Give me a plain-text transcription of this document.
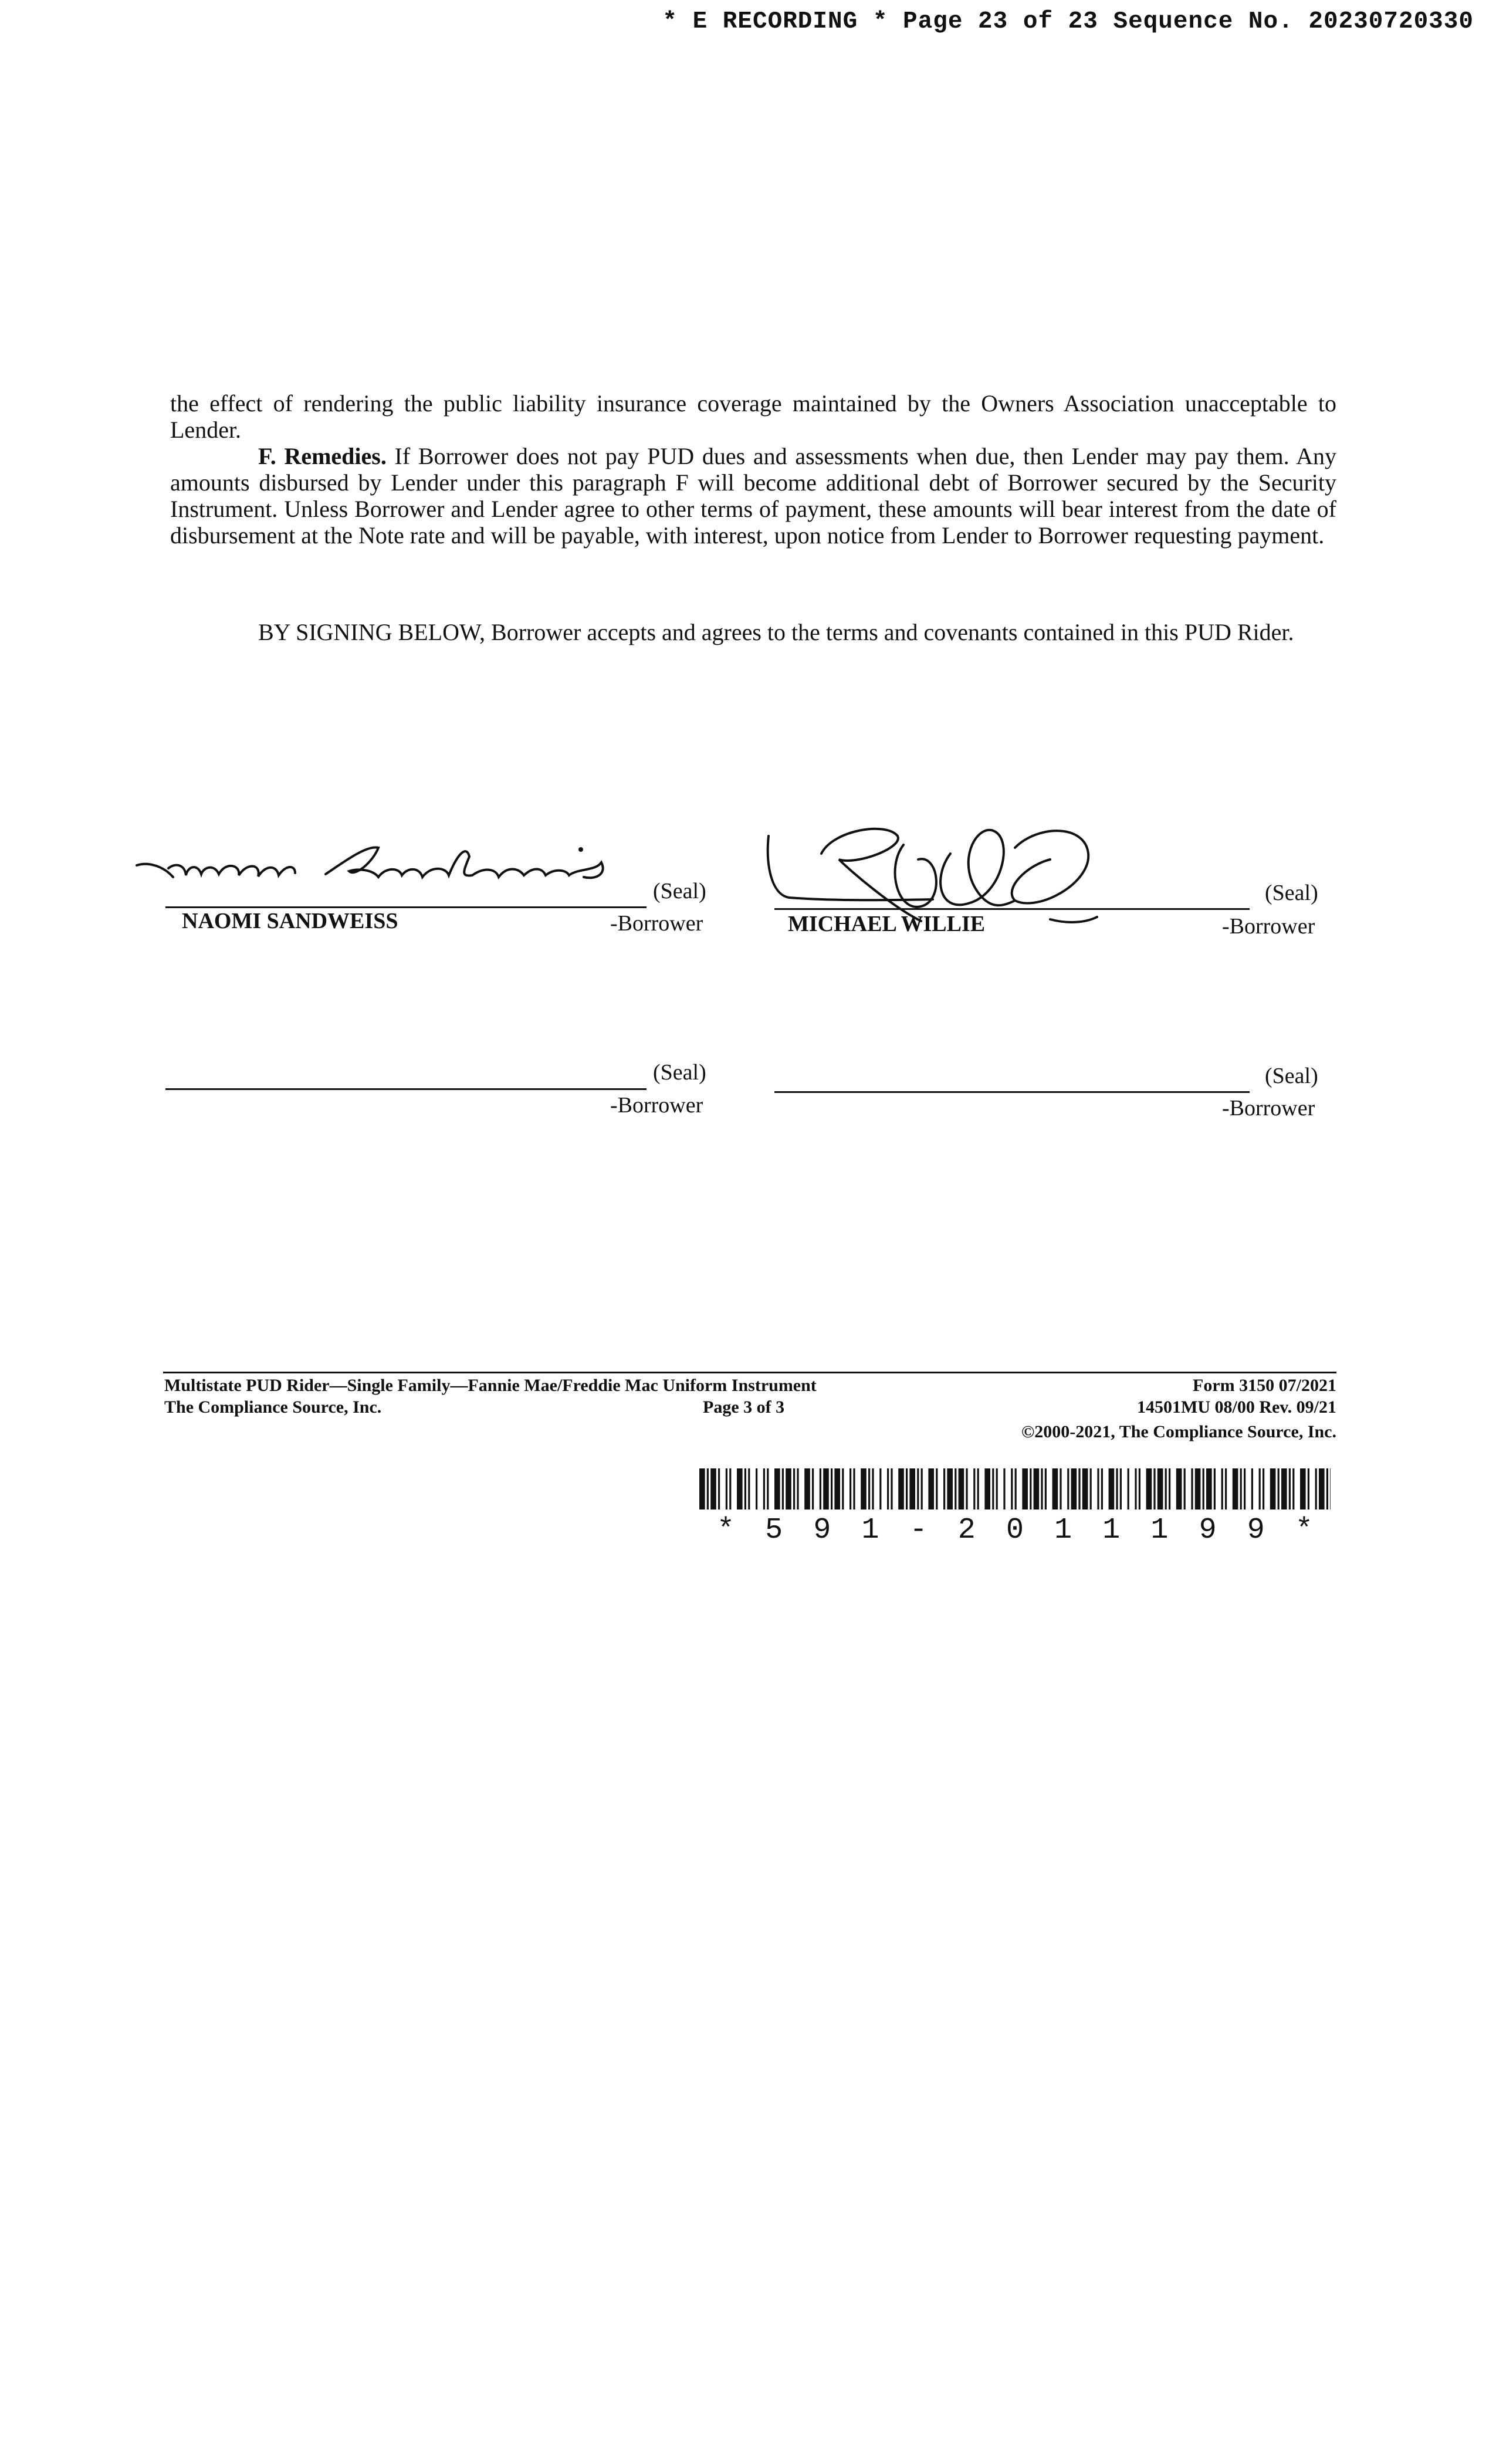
* E RECORDING * Page 23 of 23 Sequence No. 20230720330
the effect of rendering the public liability insurance coverage maintained by the Owners Association unacceptable to Lender.
F. Remedies. If Borrower does not pay PUD dues and assessments when due, then Lender may pay them. Any amounts disbursed by Lender under this paragraph F will become additional debt of Borrower secured by the Security Instrument. Unless Borrower and Lender agree to other terms of payment, these amounts will bear interest from the date of disbursement at the Note rate and will be payable, with interest, upon notice from Lender to Borrower requesting payment.
BY SIGNING BELOW, Borrower accepts and agrees to the terms and covenants contained in this PUD Rider.
(Seal)
NAOMI SANDWEISS	-Borrower
(Seal)
MICHAEL WILLIE	-Borrower
(Seal)
-Borrower
(Seal)
-Borrower
Multistate PUD Rider—Single Family—Fannie Mae/Freddie Mac Uniform Instrument
The Compliance Source, Inc.	Page 3 of 3
Form 3150 07/2021
14501MU 08/00 Rev. 09/21
©2000-2021, The Compliance Source, Inc.
* 5 9 1 - 2 0 1 1 1 9 9 *
